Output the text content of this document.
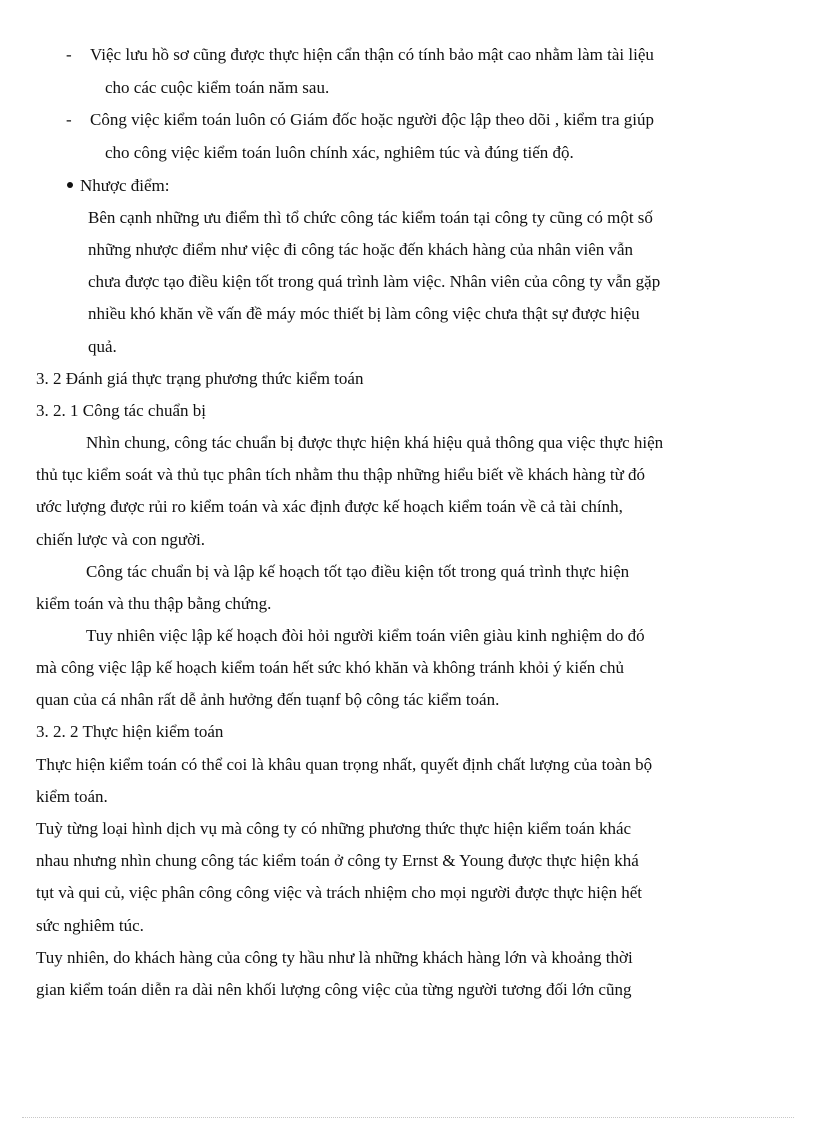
- Việc lưu hồ sơ cũng được thực hiện cẩn thận có tính bảo mật cao nhằm làm tài liệu
cho các cuộc kiểm toán năm sau.
- Công việc kiểm toán luôn có Giám đốc hoặc người độc lập theo dõi , kiểm tra giúp
cho công việc kiểm toán luôn chính xác, nghiêm túc và đúng tiến độ.
Nhược điểm:
Bên cạnh những ưu điểm thì tổ chức công tác kiểm toán tại công ty cũng có một số
những nhược điểm như việc đi công tác hoặc đến khách hàng của nhân viên vẫn
chưa được tạo điều kiện tốt trong quá trình làm việc. Nhân viên của công ty vẫn gặp
nhiều khó khăn về vấn đề máy móc thiết bị làm công việc chưa thật sự được hiệu
quả.
3. 2 Đánh giá thực trạng phương thức kiểm toán
3. 2. 1 Công tác chuẩn bị
Nhìn chung, công tác chuẩn bị được thực hiện khá hiệu quả thông qua việc thực hiện
thủ tục kiểm soát và thủ tục phân tích nhằm thu thập những hiểu biết về khách hàng từ đó
ước lượng được rủi ro kiểm toán và xác định được kế hoạch kiểm toán về cả tài chính,
chiến lược và con người.
Công tác chuẩn bị và lập kế hoạch tốt tạo điều kiện tốt trong quá trình thực hiện
kiểm toán và thu thập bằng chứng.
Tuy nhiên việc lập kế hoạch đòi hỏi người kiểm toán viên giàu kinh nghiệm do đó
mà công việc lập kế hoạch kiểm toán hết sức khó khăn và không tránh khỏi ý kiến chủ
quan của cá nhân rất dễ ảnh hưởng đến tuạnf bộ công tác kiểm toán.
3. 2. 2 Thực hiện kiểm toán
Thực hiện kiểm toán có thể coi là khâu quan trọng nhất, quyết định chất lượng của toàn bộ
kiểm toán.
Tuỳ từng loại hình dịch vụ mà công ty có những phương thức thực hiện kiểm toán khác
nhau nhưng nhìn chung công tác kiểm toán ở công ty Ernst & Young được thực hiện khá
tụt và qui củ, việc phân công công việc và trách nhiệm cho mọi người được thực hiện hết
sức nghiêm túc.
Tuy nhiên, do khách hàng của công ty hầu như là những khách hàng lớn và khoảng thời
gian kiểm toán diễn ra dài nên khối lượng công việc của từng người tương đối lớn cũng
